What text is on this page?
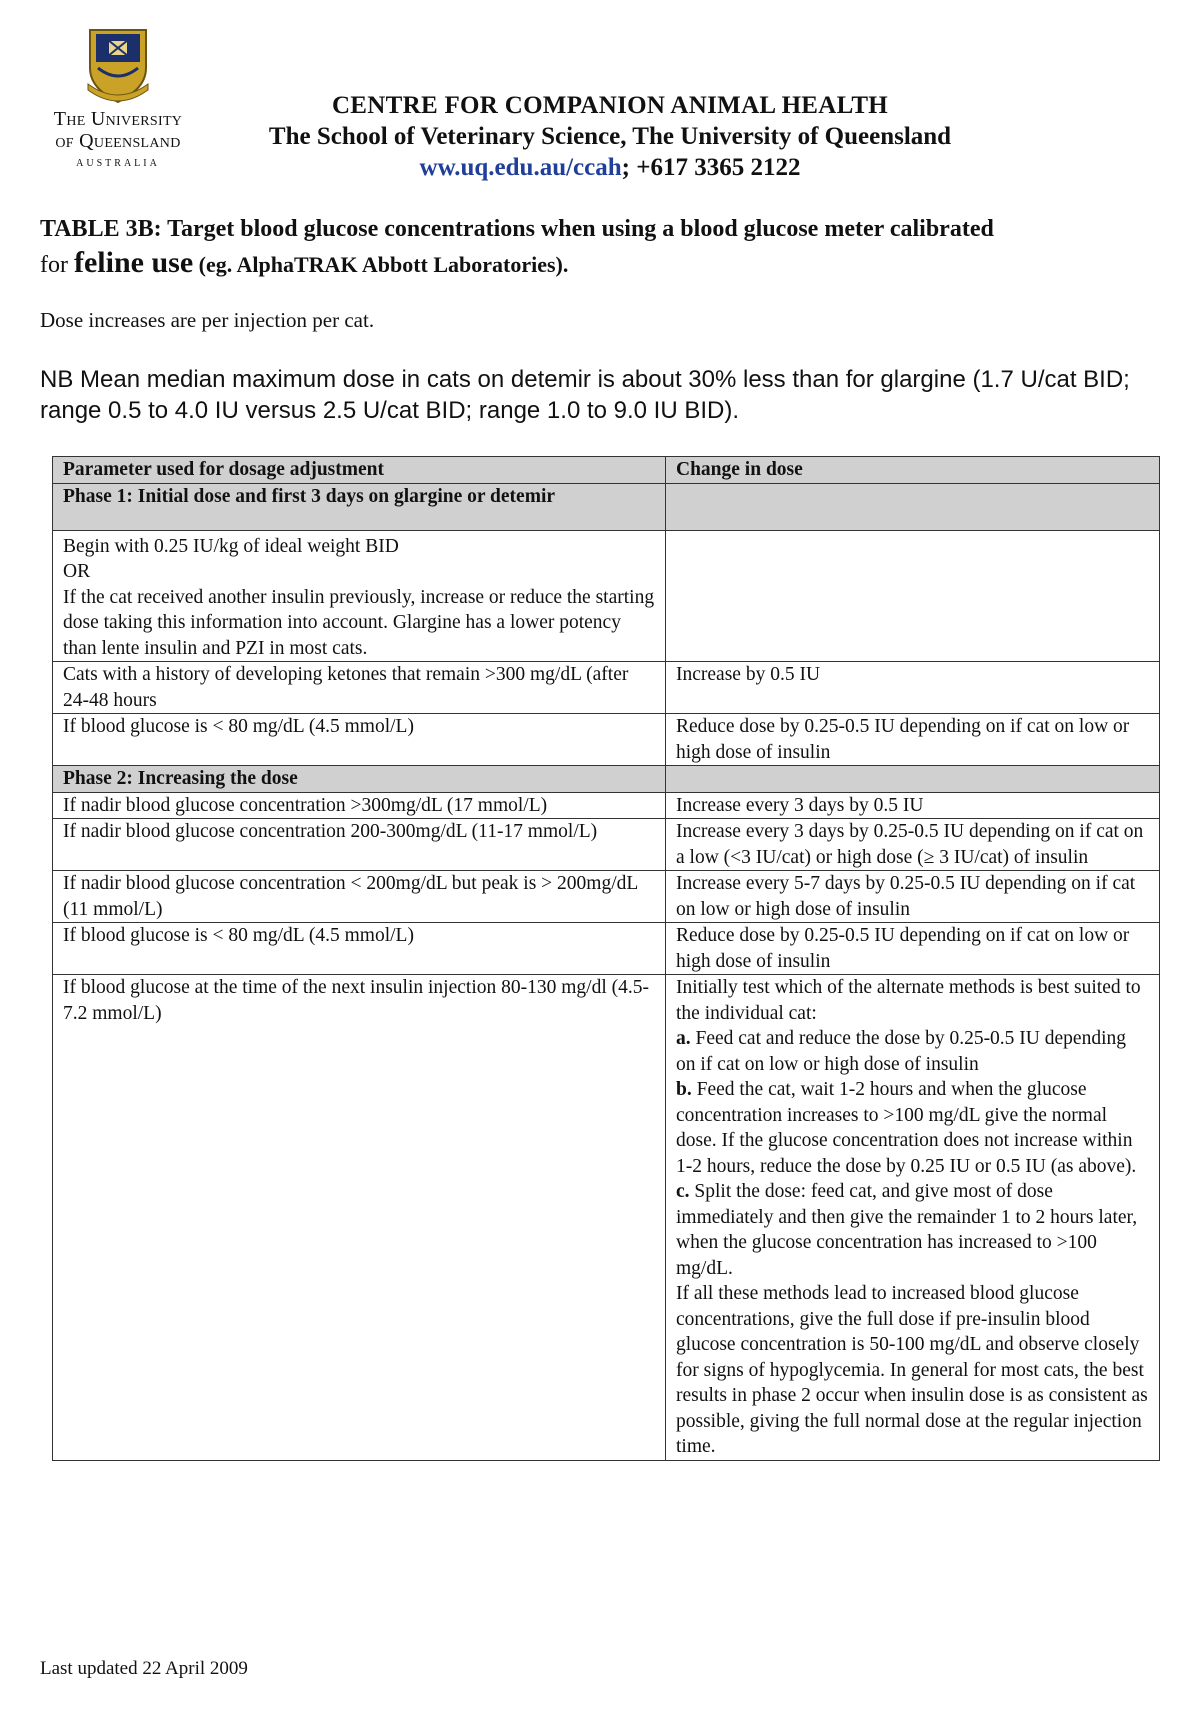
The University
of Queensland
AUSTRALIA
CENTRE FOR COMPANION ANIMAL HEALTH
The School of Veterinary Science, The University of Queensland
ww.uq.edu.au/ccah; +617 3365 2122
TABLE 3B: Target blood glucose concentrations when using a blood glucose meter calibrated
for feline use (eg. AlphaTRAK Abbott Laboratories).
Dose increases are per injection per cat.
NB Mean median maximum dose in cats on detemir is about 30% less than for glargine (1.7 U/cat BID; range 0.5 to 4.0 IU versus 2.5 U/cat BID; range 1.0 to 9.0 IU BID).
Parameter used for dosage adjustment	Change in dose
Phase 1: Initial dose and first 3 days on glargine or detemir	

Begin with 0.25 IU/kg of ideal weight BID
OR
If the cat received another insulin previously, increase or reduce the starting dose taking this information into account. Glargine has a lower potency than lente insulin and PZI in most cats.	

Cats with a history of developing ketones that remain >300 mg/dL (after 24-48 hours	Increase by 0.5 IU
If blood glucose is < 80 mg/dL (4.5 mmol/L)	Reduce dose by 0.25-0.5 IU depending on if cat on low or high dose of insulin
Phase 2: Increasing the dose	
If nadir blood glucose concentration >300mg/dL (17 mmol/L)	Increase every 3 days by 0.5 IU
If nadir blood glucose concentration 200-300mg/dL (11-17 mmol/L)	Increase every 3 days by 0.25-0.5 IU depending on if cat on a low (<3 IU/cat) or high dose (≥ 3 IU/cat) of insulin
If nadir blood glucose concentration < 200mg/dL but peak is > 200mg/dL (11 mmol/L)	Increase every 5-7 days by 0.25-0.5 IU depending on if cat on low or high dose of insulin
If blood glucose is < 80 mg/dL (4.5 mmol/L)	Reduce dose by 0.25-0.5 IU depending on if cat on low or high dose of insulin
If blood glucose at the time of the next insulin injection 80-130 mg/dl (4.5-7.2 mmol/L)	Initially test which of the alternate methods is best suited to the individual cat:
a. Feed cat and reduce the dose by 0.25-0.5 IU depending on if cat on low or high dose of insulin
b. Feed the cat, wait 1-2 hours and when the glucose concentration increases to >100 mg/dL give the normal dose. If the glucose concentration does not increase within 1-2 hours, reduce the dose by 0.25 IU or 0.5 IU (as above).
c. Split the dose: feed cat, and give most of dose immediately and then give the remainder 1 to 2 hours later, when the glucose concentration has increased to >100 mg/dL.
If all these methods lead to increased blood glucose concentrations, give the full dose if pre-insulin blood glucose concentration is 50-100 mg/dL and observe closely for signs of hypoglycemia. In general for most cats, the best results in phase 2 occur when insulin dose is as consistent as possible, giving the full normal dose at the regular injection time.
Last updated 22 April 2009
